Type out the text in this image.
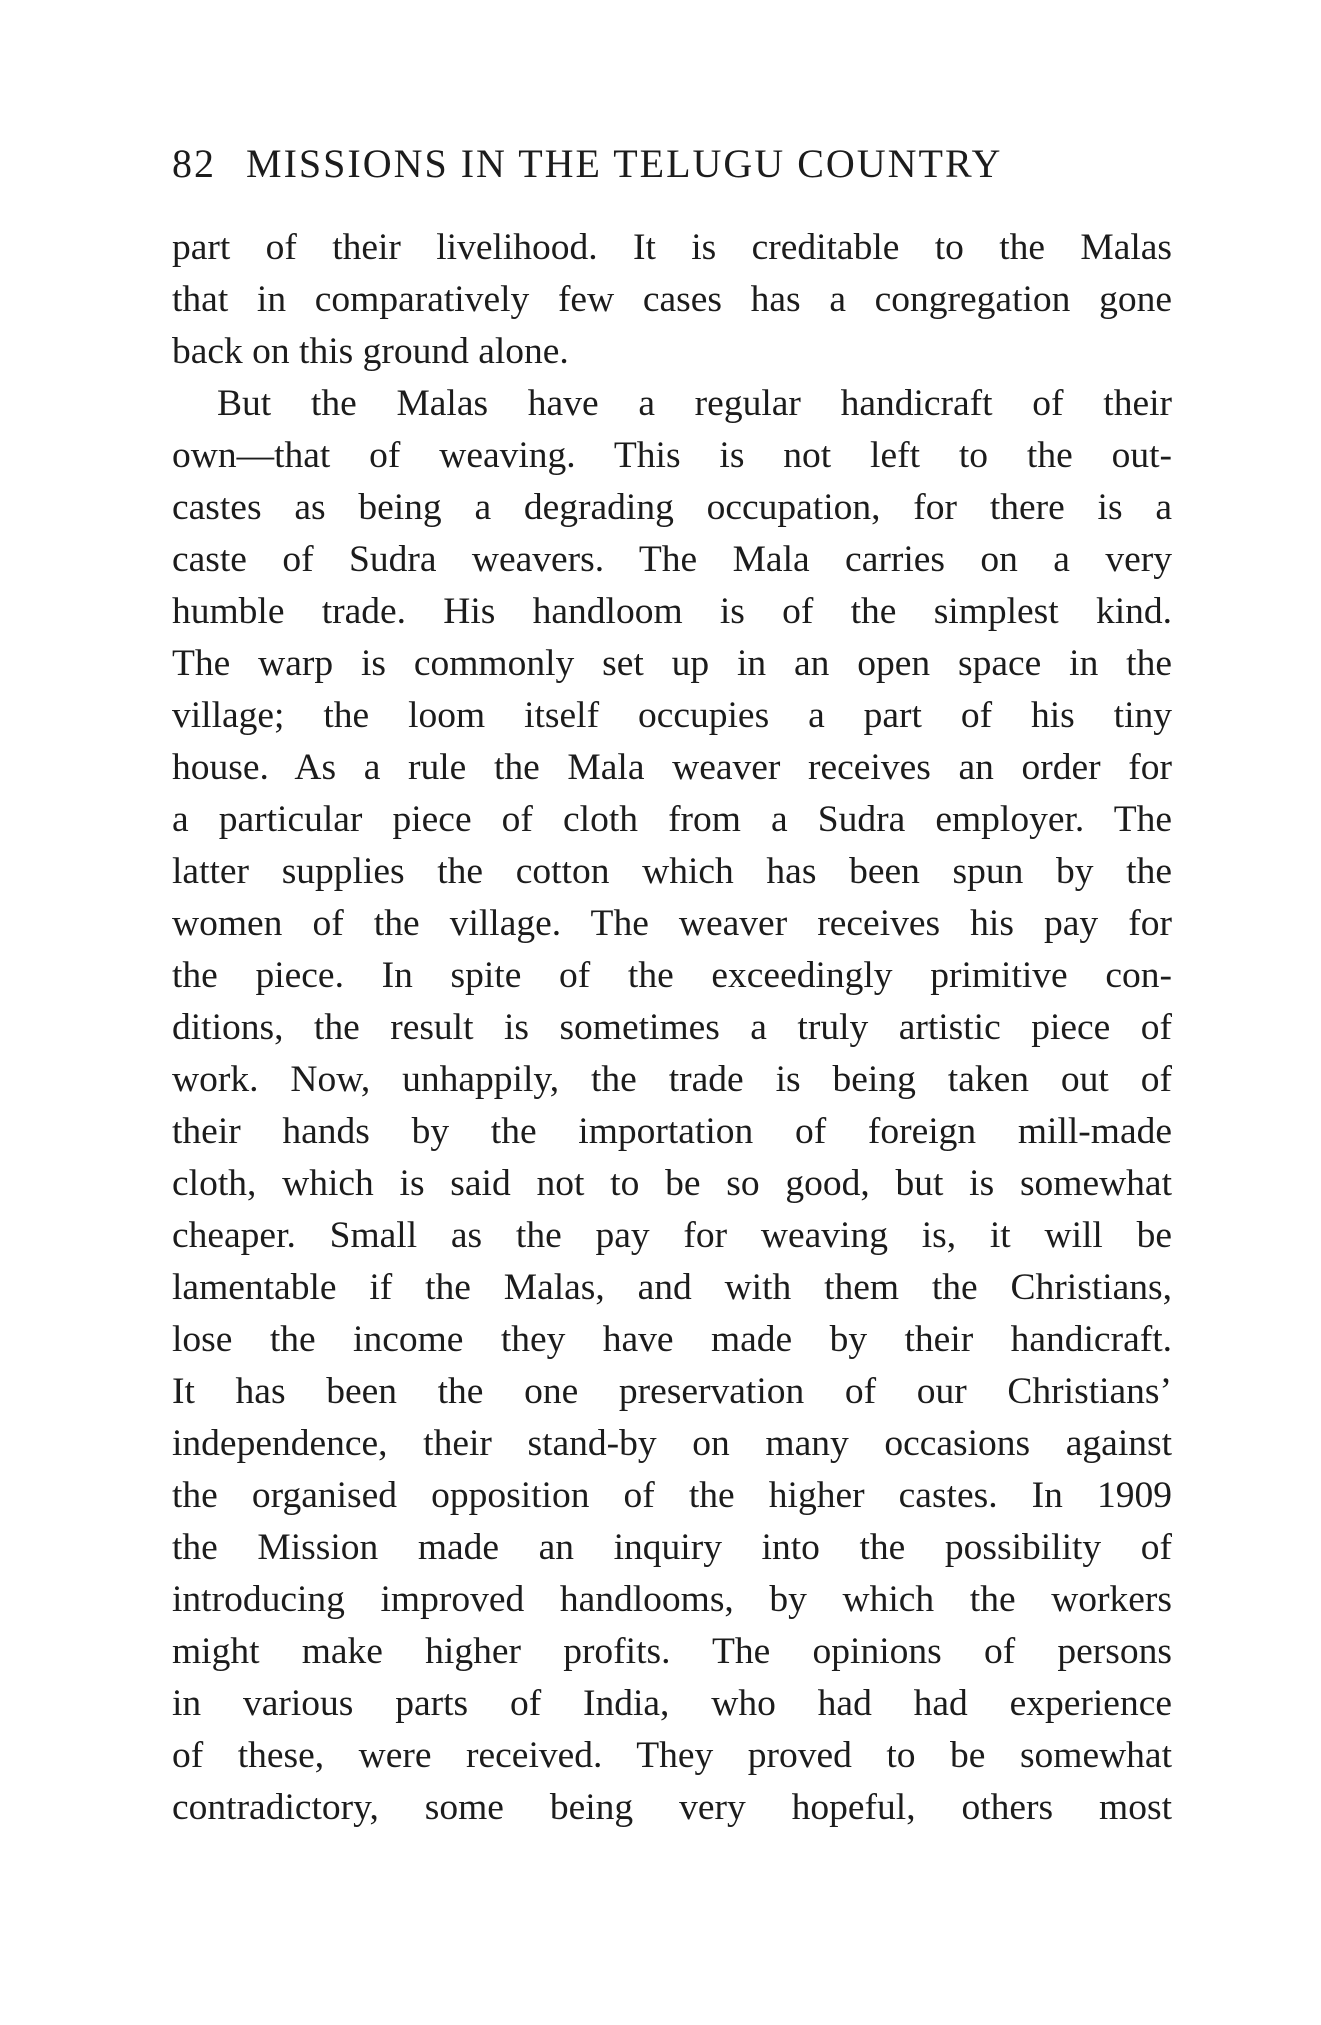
82 MISSIONS IN THE TELUGU COUNTRY
part of their livelihood. It is creditable to the Malas
that in comparatively few cases has a congregation gone
back on this ground alone.
But the Malas have a regular handicraft of their
own—that of weaving. This is not left to the out-
castes as being a degrading occupation, for there is a
caste of Sudra weavers. The Mala carries on a very
humble trade. His handloom is of the simplest kind.
The warp is commonly set up in an open space in the
village; the loom itself occupies a part of his tiny
house. As a rule the Mala weaver receives an order for
a particular piece of cloth from a Sudra employer. The
latter supplies the cotton which has been spun by the
women of the village. The weaver receives his pay for
the piece. In spite of the exceedingly primitive con-
ditions, the result is sometimes a truly artistic piece of
work. Now, unhappily, the trade is being taken out of
their hands by the importation of foreign mill-made
cloth, which is said not to be so good, but is somewhat
cheaper. Small as the pay for weaving is, it will be
lamentable if the Malas, and with them the Christians,
lose the income they have made by their handicraft.
It has been the one preservation of our Christians’
independence, their stand-by on many occasions against
the organised opposition of the higher castes. In 1909
the Mission made an inquiry into the possibility of
introducing improved handlooms, by which the workers
might make higher profits. The opinions of persons
in various parts of India, who had had experience
of these, were received. They proved to be somewhat
contradictory, some being very hopeful, others most
